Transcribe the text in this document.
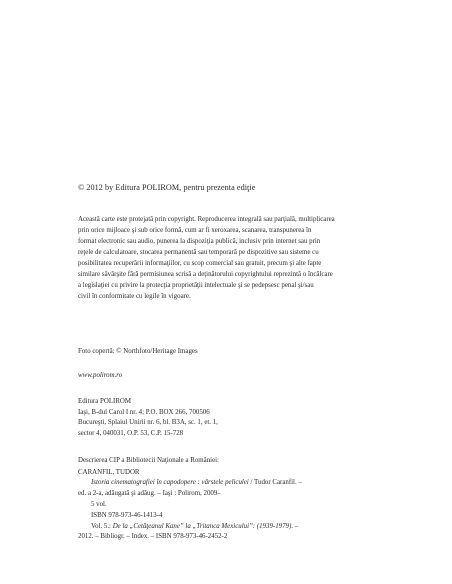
© 2012 by Editura POLIROM, pentru prezenta ediţie
Această carte este protejată prin copyright. Reproducerea integrală sau parţială, multiplicarea
prin orice mijloace şi sub orice formă, cum ar fi xeroxarea, scanarea, transpunerea în
format electronic sau audio, punerea la dispoziţia publică, inclusiv prin internet sau prin
reţele de calculatoare, stocarea permanentă sau temporară pe dispozitive sau sisteme cu
posibilitatea recuperării informaţiilor, cu scop comercial sau gratuit, precum şi alte fapte
similare săvârşite fără permisiunea scrisă a deţinătorului copyrightului reprezintă o încălcare
a legislaţiei cu privire la protecţia proprietăţii intelectuale şi se pedepsesc penal şi/sau
civil în conformitate cu legile în vigoare.
Foto copertă: © Northfoto/Heritage Images
www.polirom.ro
Editura POLIROM
Iaşi, B-dul Carol I nr. 4; P.O. BOX 266, 700506
Bucureşti, Splaiul Unirii nr. 6, bl. B3A, sc. 1, et. 1,
sector 4, 040031, O.P. 53, C.P. 15-728
Descrierea CIP a Bibliotecii Naţionale a României:
CARANFIL, TUDOR
Istoria cinematografiei în capodopere : vârstele peliculei / Tudor Caranfil. –
ed. a 2-a, adăugată şi adăug. – Iaşi : Polirom, 2009–
5 vol.
ISBN 978-973-46-1413-4
Vol. 5.: De la „Cetăţeanul Kane” la „Tritanca Mexicului”: (1939-1979). –
2012. – Bibliogr. – Index. – ISBN 978-973-46-2452-2
